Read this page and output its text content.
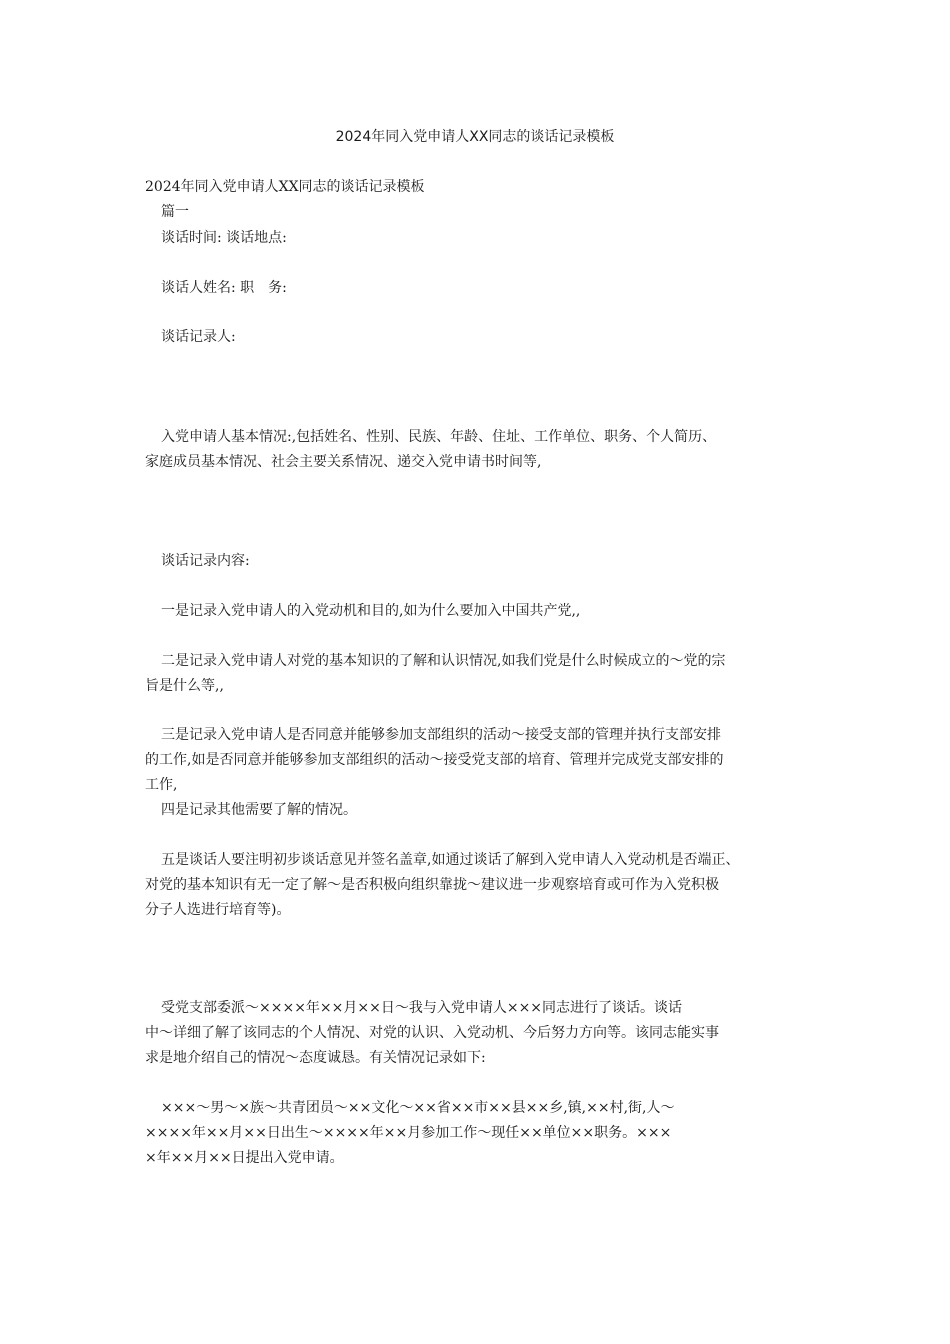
2024年同入党申请人XX同志的谈话记录模板

2024年同入党申请人XX同志的谈话记录模板

篇一

谈话时间: 谈话地点:

谈话人姓名: 职　务:

谈话记录人:

入党申请人基本情况:,包括姓名、性别、民族、年龄、住址、工作单位、职务、个人简历、

家庭成员基本情况、社会主要关系情况、递交入党申请书时间等,

谈话记录内容:

一是记录入党申请人的入党动机和目的,如为什么要加入中国共产党,,

二是记录入党申请人对党的基本知识的了解和认识情况,如我们党是什么时候成立的～党的宗

旨是什么等,,

三是记录入党申请人是否同意并能够参加支部组织的活动～接受支部的管理并执行支部安排

的工作,如是否同意并能够参加支部组织的活动～接受党支部的培育、管理并完成党支部安排的

工作,

四是记录其他需要了解的情况。

五是谈话人要注明初步谈话意见并签名盖章,如通过谈话了解到入党申请人入党动机是否端正、

对党的基本知识有无一定了解～是否积极向组织靠拢～建议进一步观察培育或可作为入党积极

分子人选进行培育等)。

受党支部委派～××××年××月××日～我与入党申请人×××同志进行了谈话。谈话

中～详细了解了该同志的个人情况、对党的认识、入党动机、今后努力方向等。该同志能实事

求是地介绍自己的情况～态度诚恳。有关情况记录如下:

×××～男～×族～共青团员～××文化～××省××市××县××乡,镇,××村,街,人～

××××年××月××日出生～××××年××月参加工作～现任××单位××职务。×××

×年××月××日提出入党申请。
